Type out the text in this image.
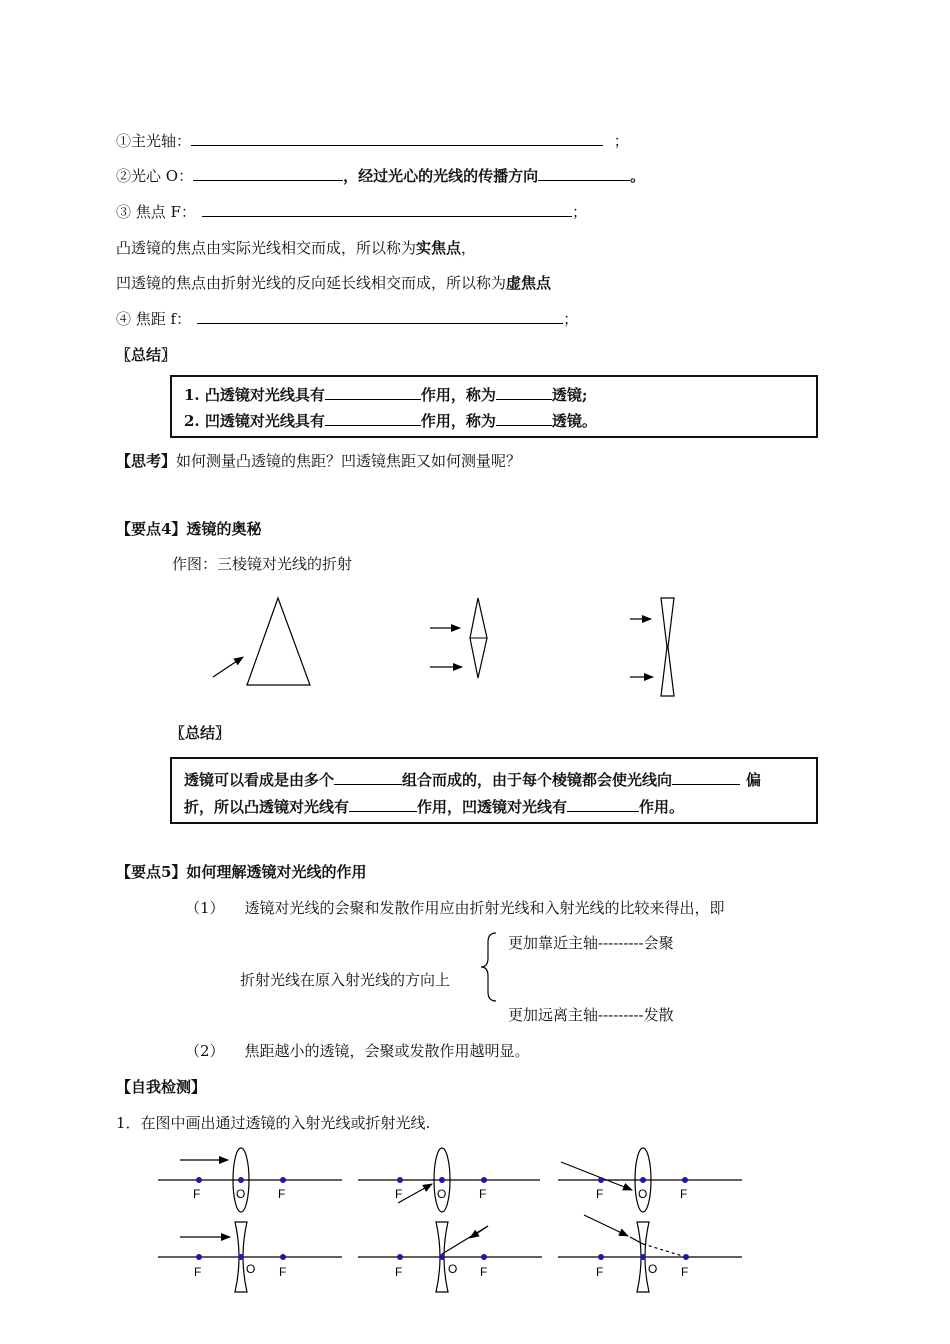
①主光轴：	；
②光心 O：	，经过光心的光线的传播方向	。
③ 焦点 F：	；
凸透镜的焦点由实际光线相交而成，所以称为实焦点，
凹透镜的焦点由折射光线的反向延长线相交而成，所以称为虚焦点
④ 焦距 f：	；
〖总结〗
1. 凸透镜对光线具有	作用，称为	透镜;
2. 凹透镜对光线具有	作用，称为	透镜。
【思考】如何测量凸透镜的焦距？凹透镜焦距又如何测量呢？
【要点4】透镜的奥秘
作图：三棱镜对光线的折射
〖总结〗
透镜可以看成是由多个	组合而成的，由于每个棱镜都会使光线向	偏
折，所以凸透镜对光线有	作用，凹透镜对光线有	作用。
【要点5】如何理解透镜对光线的作用
（1） 透镜对光线的会聚和发散作用应由折射光线和入射光线的比较来得出，即
更加靠近主轴---------会聚
折射光线在原入射光线的方向上
更加远离主轴---------发散
（2） 焦距越小的透镜，会聚或发散作用越明显。
【自我检测】
1．在图中画出通过透镜的入射光线或折射光线.
F	O	F	F	O	F	F	O	F
F	O F	F	O F	F	O F
